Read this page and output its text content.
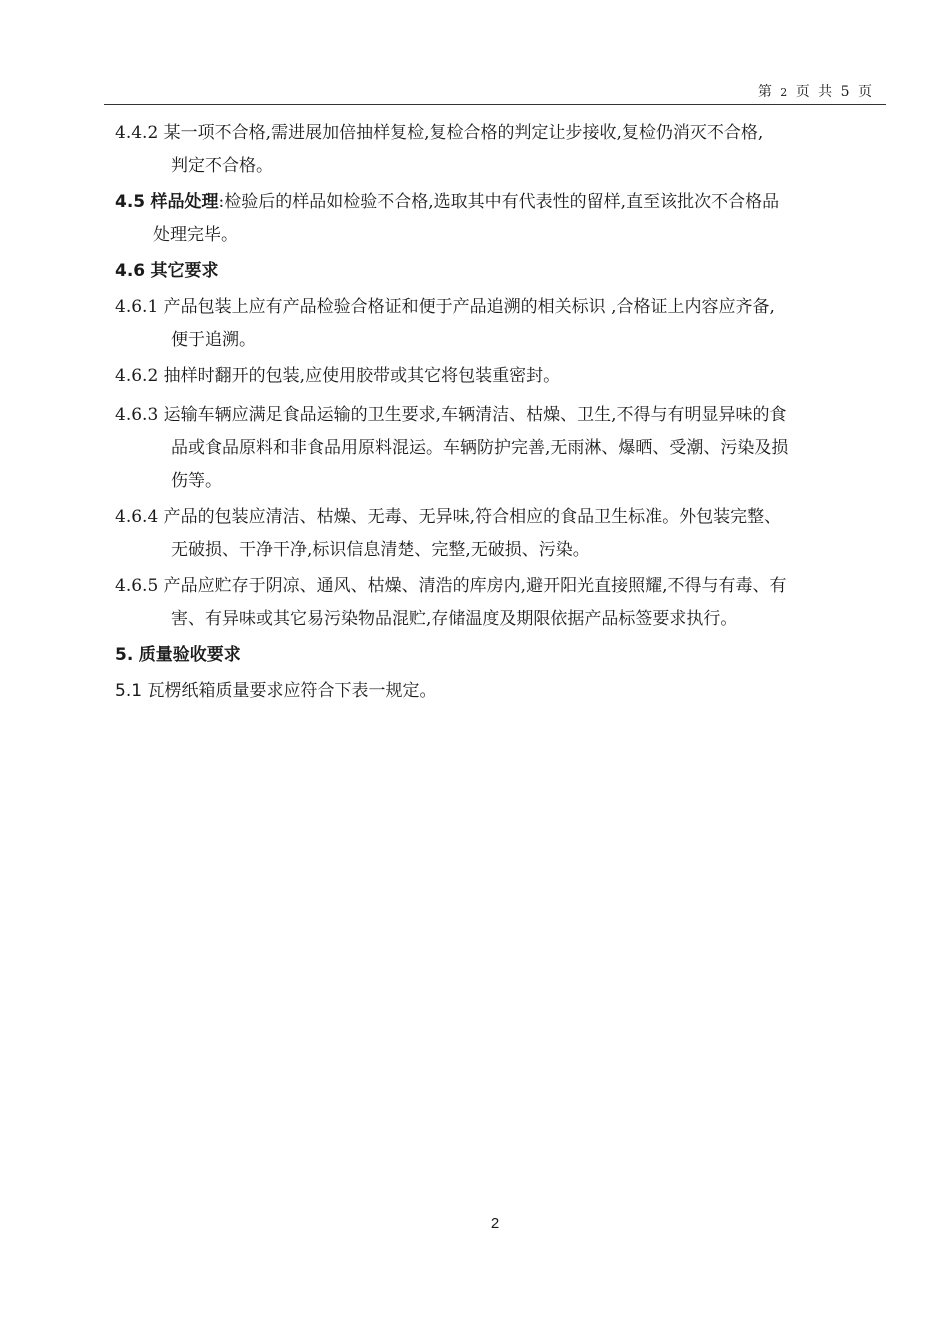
第 2 页 共 5 页
4.4.2 某一项不合格,需进展加倍抽样复检,复检合格的判定让步接收,复检仍消灭不合格,
判定不合格。
4.5 样品处理:检验后的样品如检验不合格,选取其中有代表性的留样,直至该批次不合格品
处理完毕。
4.6 其它要求
4.6.1 产品包装上应有产品检验合格证和便于产品追溯的相关标识 ,合格证上内容应齐备,
便于追溯。
4.6.2 抽样时翻开的包装,应使用胶带或其它将包装重密封。
4.6.3 运输车辆应满足食品运输的卫生要求,车辆清洁、枯燥、卫生,不得与有明显异味的食
品或食品原料和非食品用原料混运。车辆防护完善,无雨淋、爆晒、受潮、污染及损
伤等。
4.6.4 产品的包装应清洁、枯燥、无毒、无异味,符合相应的食品卫生标准。外包装完整、
无破损、干净干净,标识信息清楚、完整,无破损、污染。
4.6.5 产品应贮存于阴凉、通风、枯燥、清浩的库房内,避开阳光直接照耀,不得与有毒、有
害、有异味或其它易污染物品混贮,存储温度及期限依据产品标签要求执行。
5. 质量验收要求
5.1 瓦楞纸箱质量要求应符合下表一规定。
2
